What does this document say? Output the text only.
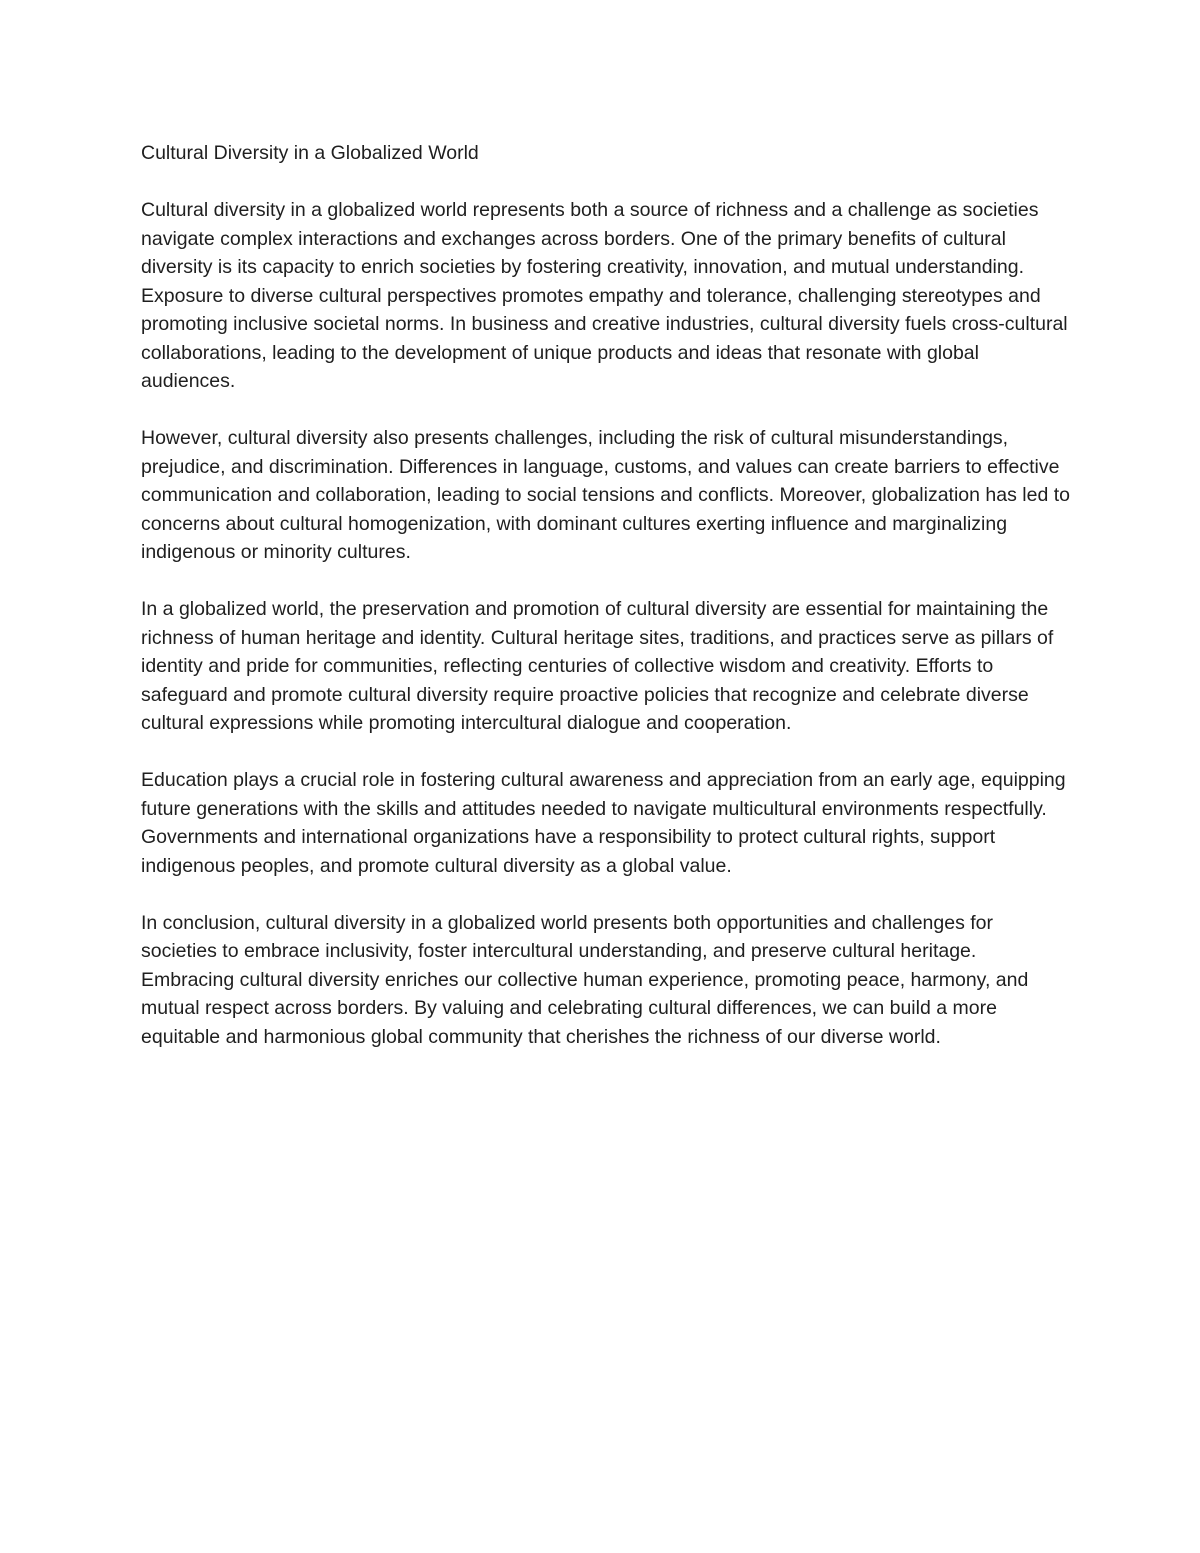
Cultural Diversity in a Globalized World

Cultural diversity in a globalized world represents both a source of richness and a challenge as societies navigate complex interactions and exchanges across borders. One of the primary benefits of cultural diversity is its capacity to enrich societies by fostering creativity, innovation, and mutual understanding. Exposure to diverse cultural perspectives promotes empathy and tolerance, challenging stereotypes and promoting inclusive societal norms. In business and creative industries, cultural diversity fuels cross-cultural collaborations, leading to the development of unique products and ideas that resonate with global audiences.

However, cultural diversity also presents challenges, including the risk of cultural misunderstandings, prejudice, and discrimination. Differences in language, customs, and values can create barriers to effective communication and collaboration, leading to social tensions and conflicts. Moreover, globalization has led to concerns about cultural homogenization, with dominant cultures exerting influence and marginalizing indigenous or minority cultures.

In a globalized world, the preservation and promotion of cultural diversity are essential for maintaining the richness of human heritage and identity. Cultural heritage sites, traditions, and practices serve as pillars of identity and pride for communities, reflecting centuries of collective wisdom and creativity. Efforts to safeguard and promote cultural diversity require proactive policies that recognize and celebrate diverse cultural expressions while promoting intercultural dialogue and cooperation.

Education plays a crucial role in fostering cultural awareness and appreciation from an early age, equipping future generations with the skills and attitudes needed to navigate multicultural environments respectfully. Governments and international organizations have a responsibility to protect cultural rights, support indigenous peoples, and promote cultural diversity as a global value.

In conclusion, cultural diversity in a globalized world presents both opportunities and challenges for societies to embrace inclusivity, foster intercultural understanding, and preserve cultural heritage. Embracing cultural diversity enriches our collective human experience, promoting peace, harmony, and mutual respect across borders. By valuing and celebrating cultural differences, we can build a more equitable and harmonious global community that cherishes the richness of our diverse world.
